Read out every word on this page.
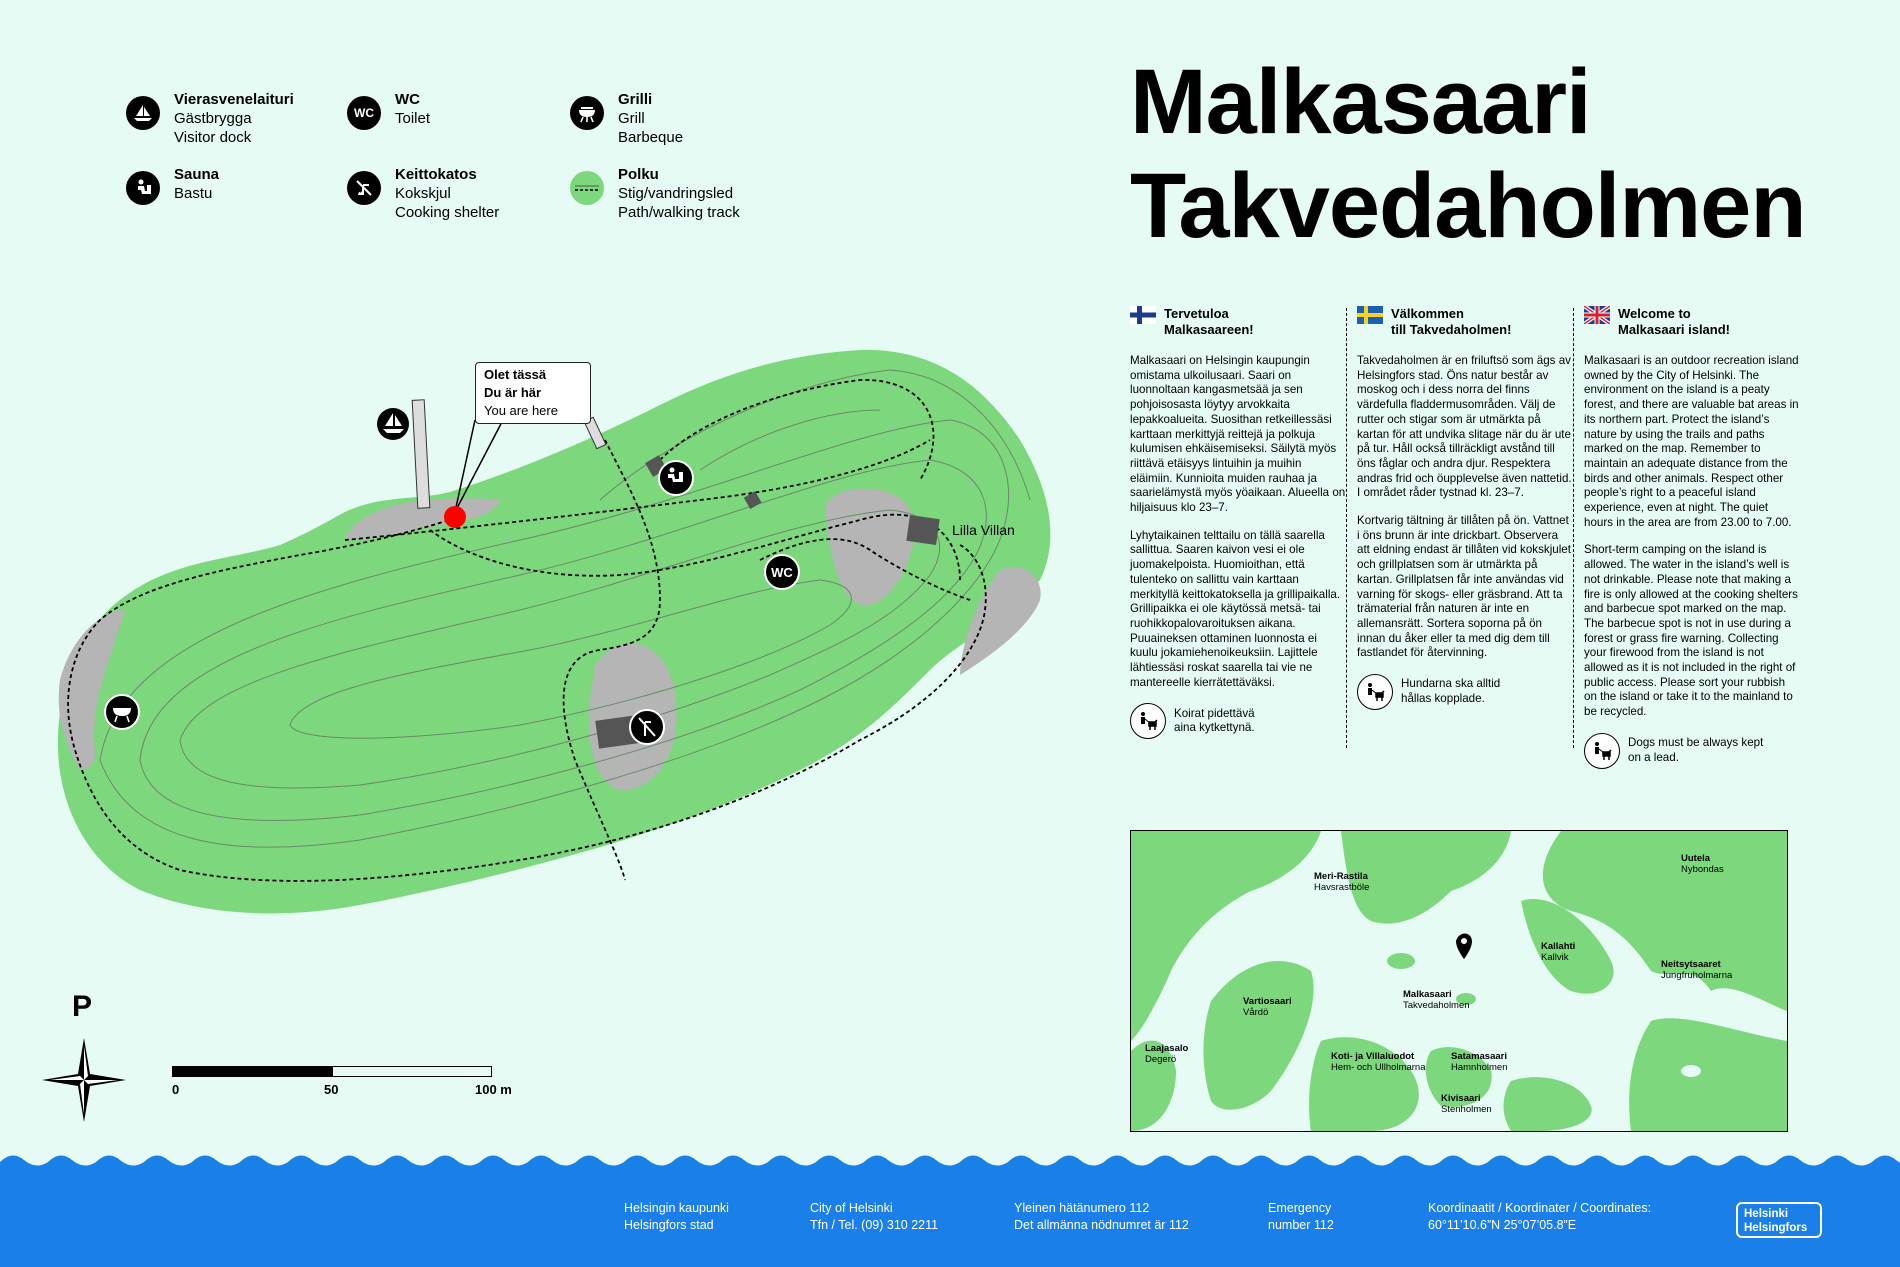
Vierasvenelaituri
Gästbrygga
Visitor dock
WC
WC
Toilet
Grilli
Grill
Barbeque
Sauna
Bastu
Keittokatos
Kokskjul
Cooking shelter
Polku
Stig/vandringsled
Path/walking track
WC
Lilla Villan
Olet tässä
Du är här
You are here
P
0	50	100 m
Malkasaari
Takvedaholmen
Tervetuloa
Malkasaareen!

Malkasaari on Helsingin kaupungin omistama ulkoilusaari. Saari on luonnoltaan kangasmetsää ja sen pohjoisosasta löytyy arvokkaita lepakkoalueita. Suosithan retkeillessäsi karttaan merkittyjä reittejä ja polkuja kulumisen ehkäisemiseksi. Säilytä myös riittävä etäisyys lintuihin ja muihin eläimiin. Kunnioita muiden rauhaa ja saarielämystä myös yöaikaan. Alueella on hiljaisuus klo 23–7.

Lyhytaikainen telttailu on tällä saarella sallittua. Saaren kaivon vesi ei ole juomakelpoista. Huomioithan, että tulenteko on sallittu vain karttaan merkityllä keittokatoksella ja grillipaikalla. Grillipaikka ei ole käytössä metsä- tai ruohikkopalovaroituksen aikana. Puuaineksen ottaminen luonnosta ei kuulu jokamiehenoikeuksiin. Lajittele lähtiessäsi roskat saarella tai vie ne mantereelle kierrätettäväksi.

Koirat pidettävä
aina kytkettynä.
Välkommen
till Takvedaholmen!

Takvedaholmen är en friluftsö som ägs av Helsingfors stad. Öns natur består av moskog och i dess norra del finns värdefulla fladdermusområden. Välj de rutter och stigar som är utmärkta på kartan för att undvika slitage när du är ute på tur. Håll också tillräckligt avstånd till öns fåglar och andra djur. Respektera andras frid och öupplevelse även nattetid. I området råder tystnad kl. 23–7.

Kortvarig tältning är tillåten på ön. Vattnet i öns brunn är inte drickbart. Observera att eldning endast är tillåten vid kokskjulet och grillplatsen som är utmärkta på kartan. Grillplatsen får inte användas vid varning för skogs- eller gräsbrand. Att ta trämaterial från naturen är inte en allemansrätt. Sortera soporna på ön innan du åker eller ta med dig dem till fastlandet för återvinning.

Hundarna ska alltid
hållas kopplade.
Welcome to
Malkasaari island!

Malkasaari is an outdoor recreation island owned by the City of Helsinki. The environment on the island is a peaty forest, and there are valuable bat areas in its northern part. Protect the island’s nature by using the trails and paths marked on the map. Remember to maintain an adequate distance from the birds and other animals. Respect other people’s right to a peaceful island experience, even at night. The quiet hours in the area are from 23.00 to 7.00.

Short-term camping on the island is allowed. The water in the island’s well is not drinkable. Please note that making a fire is only allowed at the cooking shelters and barbecue spot marked on the map. The barbecue spot is not in use during a forest or grass fire warning. Collecting your firewood from the island is not allowed as it is not included in the right of public access. Please sort your rubbish on the island or take it to the mainland to be recycled.

Dogs must be always kept
on a lead.
Meri-Rastila
Havsrastböle
Uutela
Nybondas
Kallahti
Kallvik
Neitsytsaaret
Jungfruholmarna
Vartiosaari
Vårdö
Malkasaari
Takvedaholmen
Laajasalo
Degerö	Koti- ja Villaluodot
Hem- och Ullholmarna
Satamasaari
Hamnholmen
Kivisaari
Stenholmen
Helsingin kaupunki
Helsingfors stad
City of Helsinki
Tfn / Tel. (09) 310 2211
Yleinen hätänumero 112
Det allmänna nödnumret är 112
Emergency
number 112
Koordinaatit / Koordinater / Coordinates:
60°11’10.6”N 25°07’05.8”E
Helsinki
Helsingfors
